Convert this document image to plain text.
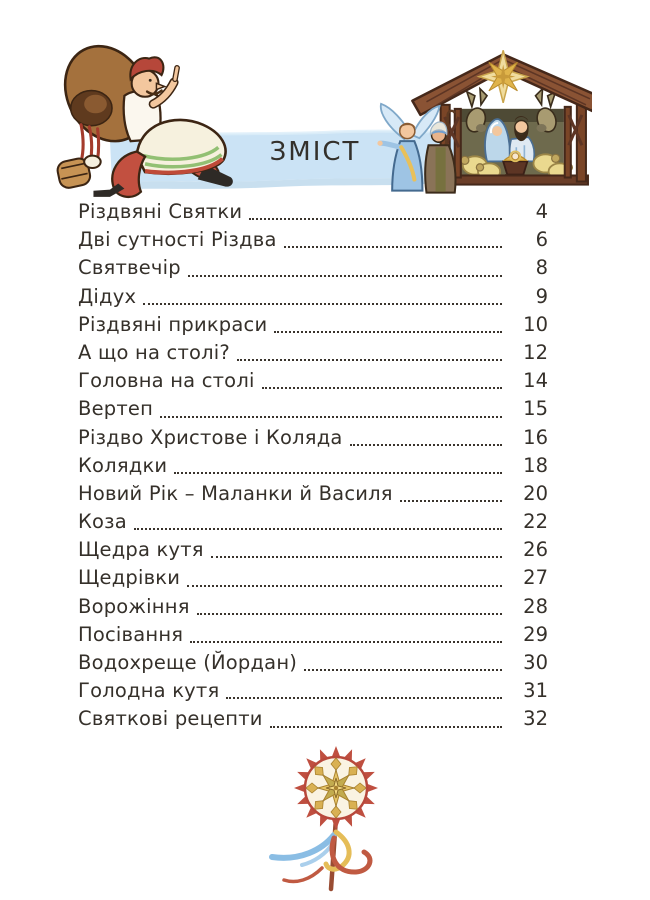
ЗМІСТ
Різдвяні Святки	4
Дві сутності Різдва	6
Святвечір	8
Дідух	9
Різдвяні прикраси	10
А що на столі?	12
Головна на столі	14
Вертеп	15
Різдво Христове і Коляда	16
Колядки	18
Новий Рік – Маланки й Василя	20
Коза	22
Щедра кутя	26
Щедрівки	27
Ворожіння	28
Посівання	29
Водохреще (Йордан)	30
Голодна кутя	31
Святкові рецепти	32
